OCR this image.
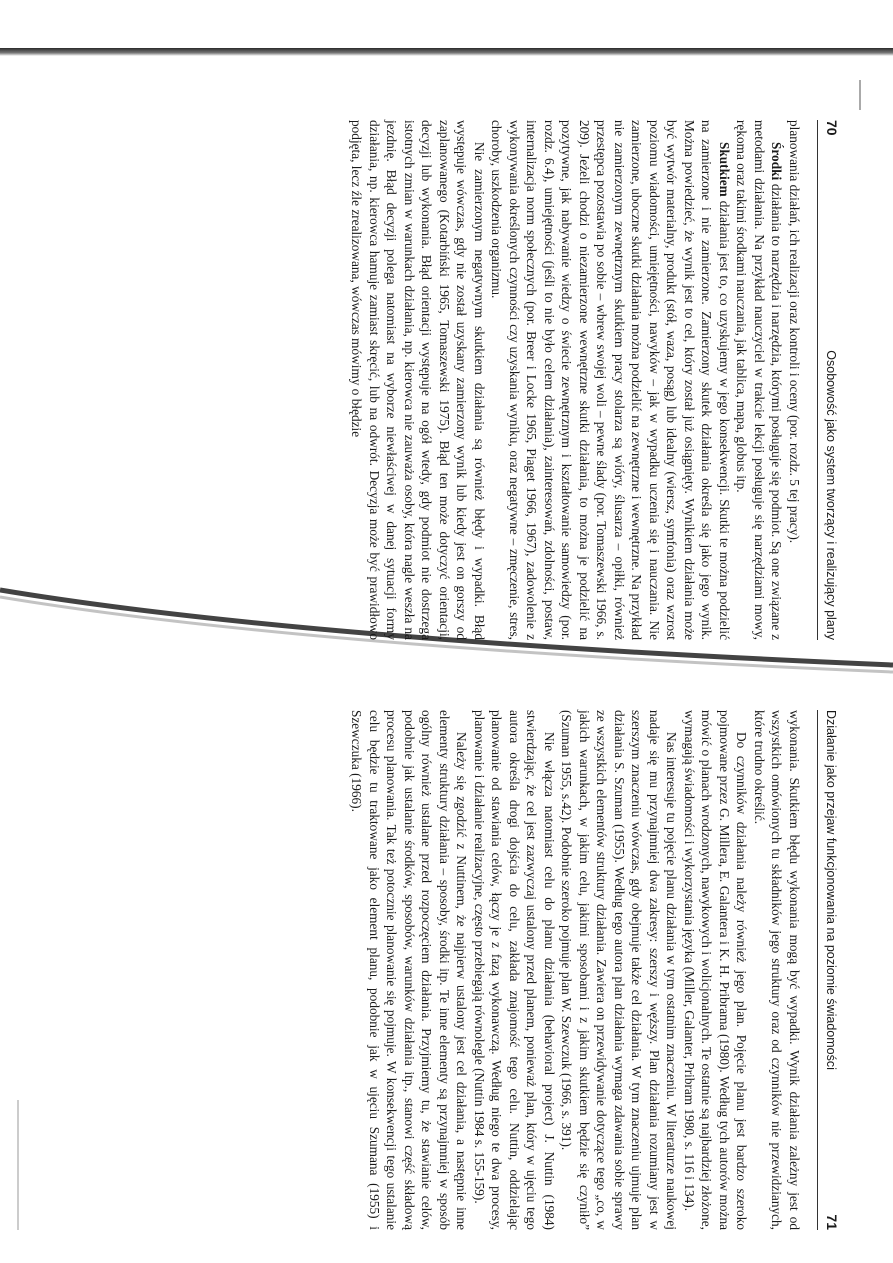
70
Osobowość jako system tworzący i realizujący plany

planowania działań, ich realizacji oraz kontroli i oceny (por. rozdz. 5 tej pracy).

Środki działania to narzędzia i narzędzia, którymi posługuje się podmiot. Są one związane z metodami działania. Na przykład nauczyciel w trakcie lekcji posługuje się narzędziami mowy, rękoma oraz takimi środkami nauczania, jak tablica, mapa, globus itp.

Skutkiem działania jest to, co uzyskujemy w jego konsekwencji. Skutki te można podzielić na zamierzone i nie zamierzone. Zamierzony skutek działania określa się jako jego wynik. Można powiedzieć, że wynik jest to cel, który został już osiągnięty. Wynikiem działania może być wytwór materialny, produkt (stół, waza, posąg) lub idealny (wiersz, symfonia) oraz wzrost poziomu wiadomości, umiejętności, nawyków – jak w wypadku uczenia się i nauczania. Nie zamierzone, uboczne skutki działania można podzielić na zewnętrzne i wewnętrzne. Na przykład nie zamierzonym zewnętrznym skutkiem pracy stolarza są wióry, ślusarza – opiłki, również przestępca pozostawia po sobie – wbrew swojej woli – pewne ślady (por. Tomaszewski 1966, s. 209). Jeżeli chodzi o niezamierzone wewnętrzne skutki działania, to można je podzielić na pozytywne, jak nabywanie wiedzy o świecie zewnętrznym i kształtowanie samowiedzy (por. rozdz. 6.4), umiejętności (jeśli to nie było celem działania), zainteresowań, zdolności, postaw, internalizacja norm społecznych (por. Breer i Locke 1965, Piaget 1966, 1967), zadowolenie z wykonywania określonych czynności czy uzyskania wyniku, oraz negatywne – zmęczenie, stres, choroby, uszkodzenia organizmu.

Nie zamierzonym negatywnym skutkiem działania są również błędy i wypadki. Błąd występuje wówczas, gdy nie został uzyskany zamierzony wynik lub kiedy jest on gorszy od zaplanowanego (Kotarbiński 1965, Tomaszewski 1975). Błąd ten może dotyczyć orientacji, decyzji lub wykonania. Błąd orientacji występuje na ogół wtedy, gdy podmiot nie dostrzega istotnych zmian w warunkach działania, np. kierowca nie zauważa osoby, która nagle weszła na jezdnię. Błąd decyzji polega natomiast na wyborze niewłaściwej w danej sytuacji formy działania, np. kierowca hamuje zamiast skręcić, lub na odwrót. Decyzja może być prawidłowo podjęta, lecz źle zrealizowana, wówczas mówimy o błędzie

Działanie jako przejaw funkcjonowania na poziomie świadomości
71

wykonania. Skutkiem błędu wykonania mogą być wypadki. Wynik działania zależny jest od wszystkich omówionych tu składników jego struktury oraz od czynników nie przewidzianych, które trudno określić.

Do czynników działania należy również jego plan. Pojęcie planu jest bardzo szeroko pojmowane przez G. Millera, E. Galantera i K. H. Pribrama (1980). Według tych autorów można mówić o planach wrodzonych, nawykowych i wolicjonalnych. Te ostatnie są najbardziej złożone, wymagają świadomości i wykorzystania języka (Miller, Galanter, Pribram 1980, s. 116 i 134).

Nas interesuje tu pojęcie planu działania w tym ostatnim znaczeniu. W literaturze naukowej nadaje się mu przynajmniej dwa zakresy: szerszy i węższy. Plan działania rozumiany jest w szerszym znaczeniu wówczas, gdy obejmuje także cel działania. W tym znaczeniu ujmuje plan działania S. Szuman (1955). Według tego autora plan działania wymaga zdawania sobie sprawy ze wszystkich elementów struktury działania. Zawiera on przewidywanie dotyczące tego „co, w jakich warunkach, w jakim celu, jakimi sposobami i z jakim skutkiem będzie się czyniło” (Szuman 1955, s.42). Podobnie szeroko pojmuje plan W. Szewczuk (1966, s. 391).

Nie włącza natomiast celu do planu działania (behavioral project) J. Nuttin (1984) stwierdzając, że cel jest zazwyczaj ustalony przed planem, ponieważ plan, który w ujęciu tego autora określa drogi dojścia do celu, zakłada znajomość tego celu. Nuttin, oddzielając planowanie od stawiania celów, łączy je z fazą wykonawczą. Według niego te dwa procesy, planowanie i działanie realizacyjne, często przebiegają równolegle (Nuttin 1984 s. 155-159).

Należy się zgodzić z Nuttinem, że najpierw ustalony jest cel działania, a następnie inne elementy struktury działania – sposoby, środki itp. Te inne elementy są przynajmniej w sposób ogólny również ustalane przed rozpoczęciem działania. Przyjmiemy tu, że stawianie celów, podobnie jak ustalanie środków, sposobów, warunków działania itp., stanowi część składową procesu planowania. Tak też potocznie planowanie się pojmuje. W konsekwencji tego ustalanie celu będzie tu traktowane jako element planu, podobnie jak w ujęciu Szumana (1955) i Szewczuka (1966).
